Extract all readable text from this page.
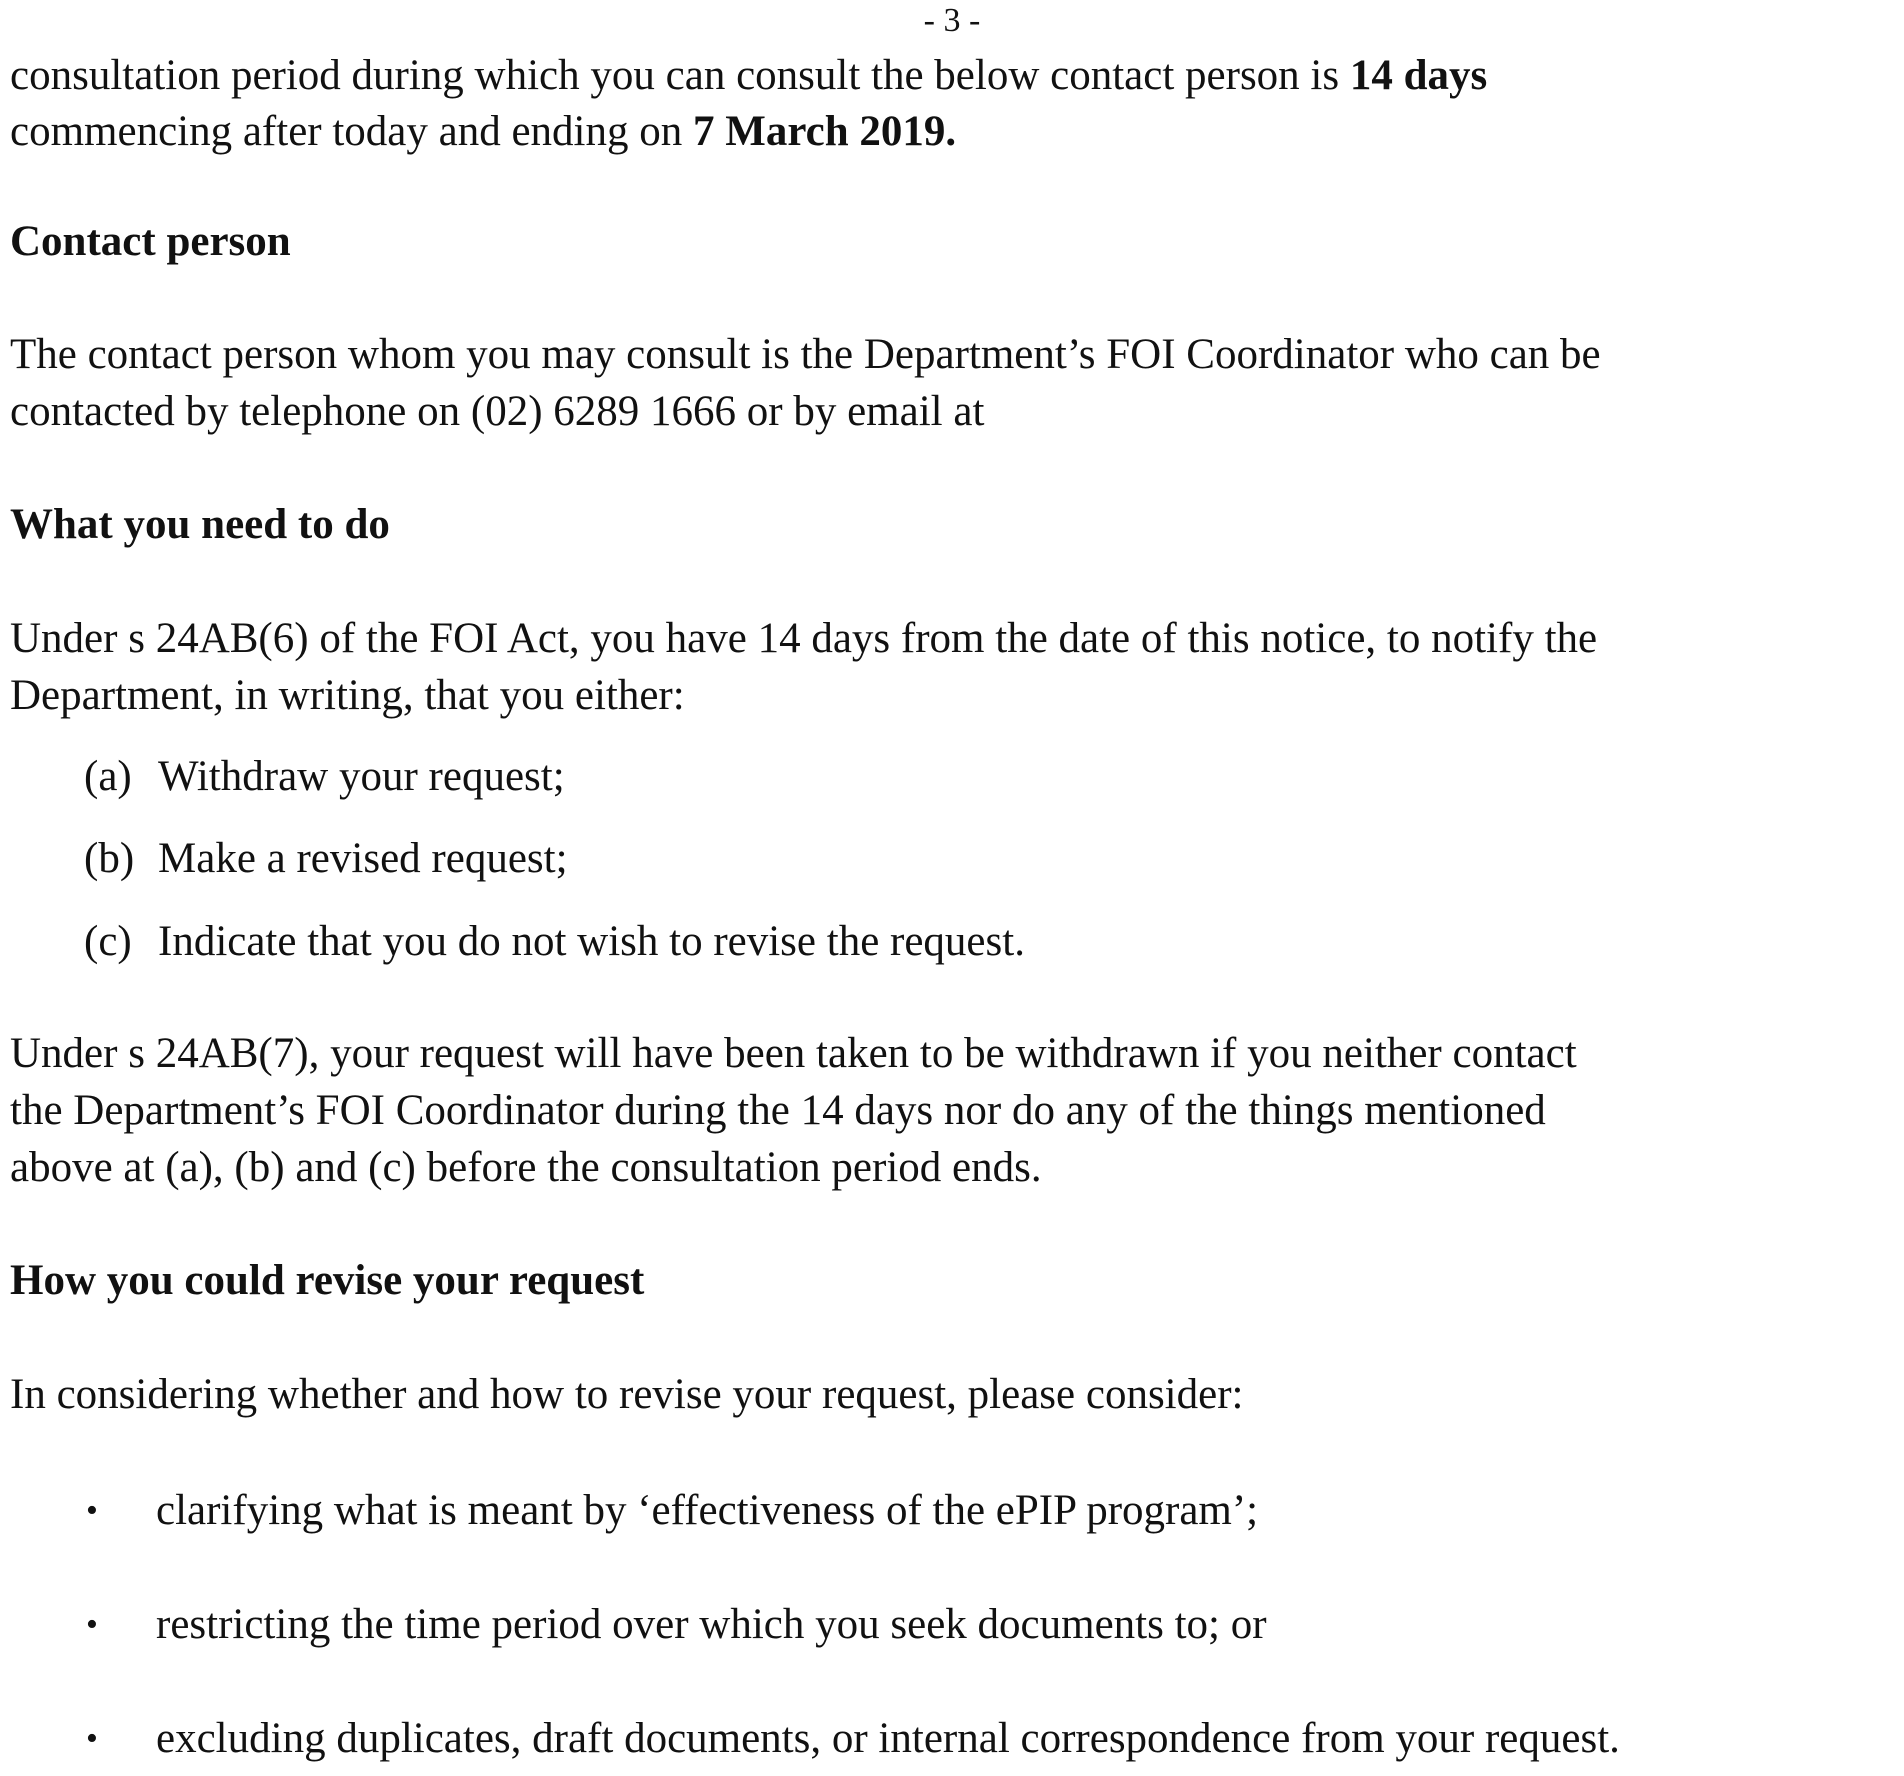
- 3 -
consultation period during which you can consult the below contact person is 14 days
commencing after today and ending on 7 March 2019.
Contact person
The contact person whom you may consult is the Department’s FOI Coordinator who can be
contacted by telephone on (02) 6289 1666 or by email at
What you need to do
Under s 24AB(6) of the FOI Act, you have 14 days from the date of this notice, to notify the
Department, in writing, that you either:
(a) Withdraw your request;
(b) Make a revised request;
(c) Indicate that you do not wish to revise the request.
Under s 24AB(7), your request will have been taken to be withdrawn if you neither contact
the Department’s FOI Coordinator during the 14 days nor do any of the things mentioned
above at (a), (b) and (c) before the consultation period ends.
How you could revise your request
In considering whether and how to revise your request, please consider:
• clarifying what is meant by ‘effectiveness of the ePIP program’;
• restricting the time period over which you seek documents to; or
• excluding duplicates, draft documents, or internal correspondence from your request.
